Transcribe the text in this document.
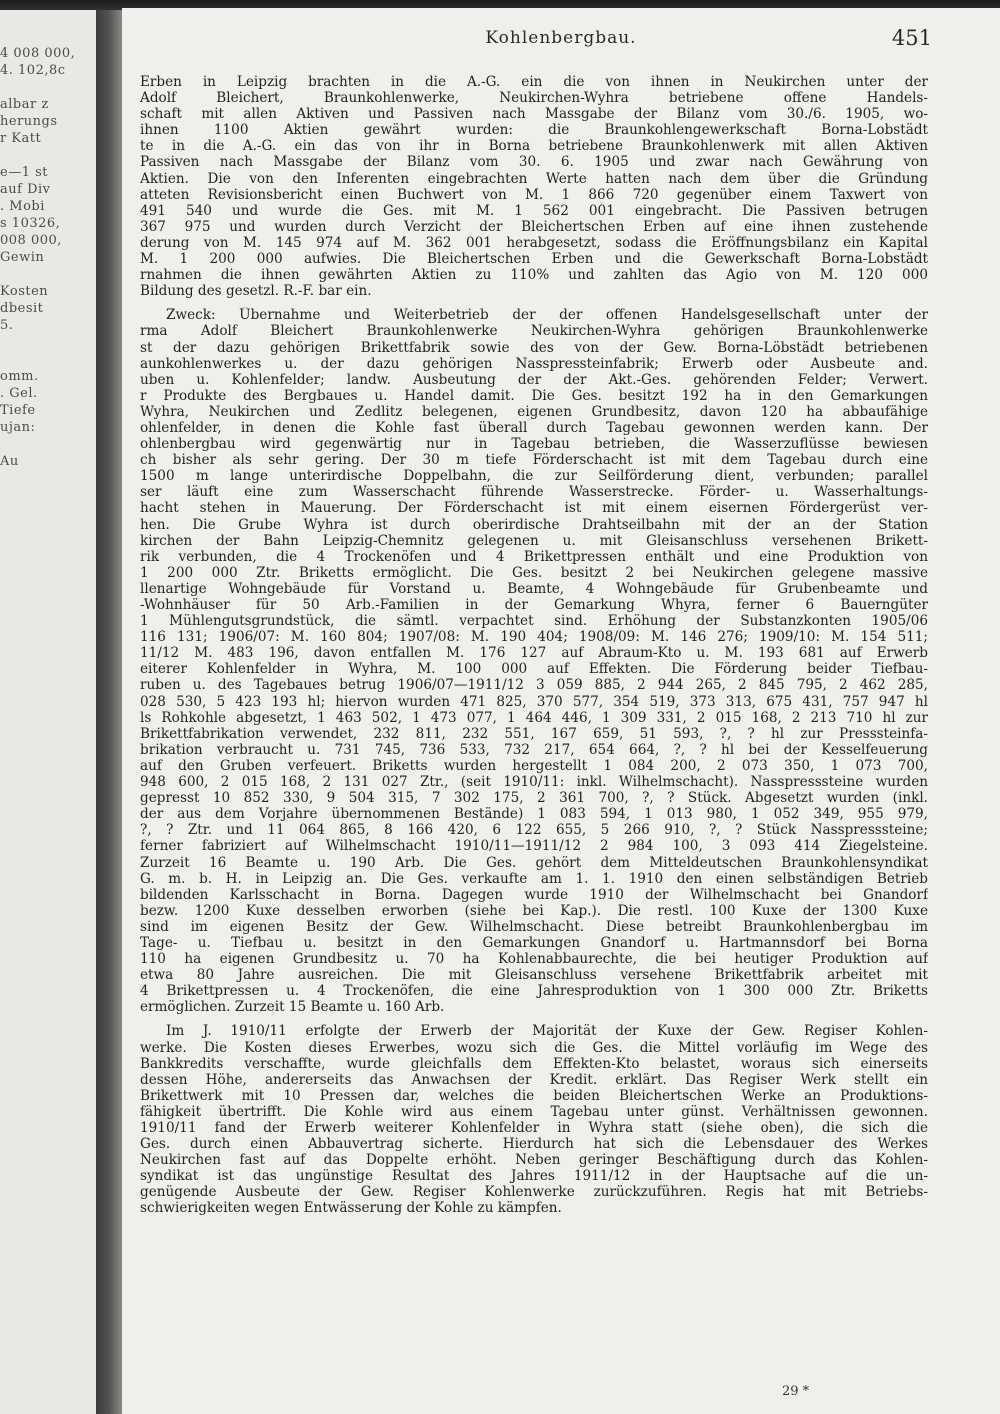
4 008 000,
4. 102,8c
albar z
herungs
r Katt
e—1 st
auf Div
. Mobi
s 10326,
008 000,
Gewin
Kosten
dbesit
5.
omm.
. Gel.
Tiefe
ujan:
Au
Kohlenbergbau.	451
Erben in Leipzig brachten in die A.-G. ein die von ihnen in Neukirchen unter der
Adolf Bleichert, Braunkohlenwerke, Neukirchen-Wyhra betriebene offene Handels-
schaft mit allen Aktiven und Passiven nach Massgabe der Bilanz vom 30./6. 1905, wo-
ihnen 1100 Aktien gewährt wurden: die Braunkohlengewerkschaft Borna-Lobstädt
te in die A.-G. ein das von ihr in Borna betriebene Braunkohlenwerk mit allen Aktiven
Passiven nach Massgabe der Bilanz vom 30. 6. 1905 und zwar nach Gewährung von
Aktien. Die von den Inferenten eingebrachten Werte hatten nach dem über die Gründung
atteten Revisionsbericht einen Buchwert von M. 1 866 720 gegenüber einem Taxwert von
491 540 und wurde die Ges. mit M. 1 562 001 eingebracht. Die Passiven betrugen
367 975 und wurden durch Verzicht der Bleichertschen Erben auf eine ihnen zustehende
derung von M. 145 974 auf M. 362 001 herabgesetzt, sodass die Eröffnungsbilanz ein Kapital
M. 1 200 000 aufwies. Die Bleichertschen Erben und die Gewerkschaft Borna-Lobstädt
rnahmen die ihnen gewährten Aktien zu 110% und zahlten das Agio von M. 120 000
Bildung des gesetzl. R.-F. bar ein.
Zweck: Übernahme und Weiterbetrieb der der offenen Handelsgesellschaft unter der
rma Adolf Bleichert Braunkohlenwerke Neukirchen-Wyhra gehörigen Braunkohlenwerke
st der dazu gehörigen Brikettfabrik sowie des von der Gew. Borna-Löbstädt betriebenen
aunkohlenwerkes u. der dazu gehörigen Nasspressteinfabrik; Erwerb oder Ausbeute and.
uben u. Kohlenfelder; landw. Ausbeutung der der Akt.-Ges. gehörenden Felder; Verwert.
r Produkte des Bergbaues u. Handel damit. Die Ges. besitzt 192 ha in den Gemarkungen
Wyhra, Neukirchen und Zedlitz belegenen, eigenen Grundbesitz, davon 120 ha abbaufähige
ohlenfelder, in denen die Kohle fast überall durch Tagebau gewonnen werden kann. Der
ohlenbergbau wird gegenwärtig nur in Tagebau betrieben, die Wasserzuflüsse bewiesen
ch bisher als sehr gering. Der 30 m tiefe Förderschacht ist mit dem Tagebau durch eine
1500 m lange unterirdische Doppelbahn, die zur Seilförderung dient, verbunden; parallel
ser läuft eine zum Wasserschacht führende Wasserstrecke. Förder- u. Wasserhaltungs-
hacht stehen in Mauerung. Der Förderschacht ist mit einem eisernen Fördergerüst ver-
hen. Die Grube Wyhra ist durch oberirdische Drahtseilbahn mit der an der Station
kirchen der Bahn Leipzig-Chemnitz gelegenen u. mit Gleisanschluss versehenen Brikett-
rik verbunden, die 4 Trockenöfen und 4 Brikettpressen enthält und eine Produktion von
1 200 000 Ztr. Briketts ermöglicht. Die Ges. besitzt 2 bei Neukirchen gelegene massive
llenartige Wohngebäude für Vorstand u. Beamte, 4 Wohngebäude für Grubenbeamte und
-Wohnhäuser für 50 Arb.-Familien in der Gemarkung Whyra, ferner 6 Bauerngüter
1 Mühlengutsgrundstück, die sämtl. verpachtet sind. Erhöhung der Substanzkonten 1905/06
116 131; 1906/07: M. 160 804; 1907/08: M. 190 404; 1908/09: M. 146 276; 1909/10: M. 154 511;
11/12 M. 483 196, davon entfallen M. 176 127 auf Abraum-Kto u. M. 193 681 auf Erwerb
eiterer Kohlenfelder in Wyhra, M. 100 000 auf Effekten. Die Förderung beider Tiefbau-
ruben u. des Tagebaues betrug 1906/07—1911/12 3 059 885, 2 944 265, 2 845 795, 2 462 285,
028 530, 5 423 193 hl; hiervon wurden 471 825, 370 577, 354 519, 373 313, 675 431, 757 947 hl
ls Rohkohle abgesetzt, 1 463 502, 1 473 077, 1 464 446, 1 309 331, 2 015 168, 2 213 710 hl zur
Brikettfabrikation verwendet, 232 811, 232 551, 167 659, 51 593, ?, ? hl zur Presssteinfa-
brikation verbraucht u. 731 745, 736 533, 732 217, 654 664, ?, ? hl bei der Kesselfeuerung
auf den Gruben verfeuert. Briketts wurden hergestellt 1 084 200, 2 073 350, 1 073 700,
948 600, 2 015 168, 2 131 027 Ztr., (seit 1910/11: inkl. Wilhelmschacht). Nasspresssteine wurden
gepresst 10 852 330, 9 504 315, 7 302 175, 2 361 700, ?, ? Stück. Abgesetzt wurden (inkl.
der aus dem Vorjahre übernommenen Bestände) 1 083 594, 1 013 980, 1 052 349, 955 979,
?, ? Ztr. und 11 064 865, 8 166 420, 6 122 655, 5 266 910, ?, ? Stück Nasspresssteine;
ferner fabriziert auf Wilhelmschacht 1910/11—1911/12 2 984 100, 3 093 414 Ziegelsteine.
Zurzeit 16 Beamte u. 190 Arb. Die Ges. gehört dem Mitteldeutschen Braunkohlensyndikat
G. m. b. H. in Leipzig an. Die Ges. verkaufte am 1. 1. 1910 den einen selbständigen Betrieb
bildenden Karlsschacht in Borna. Dagegen wurde 1910 der Wilhelmschacht bei Gnandorf
bezw. 1200 Kuxe desselben erworben (siehe bei Kap.). Die restl. 100 Kuxe der 1300 Kuxe
sind im eigenen Besitz der Gew. Wilhelmschacht. Diese betreibt Braunkohlenbergbau im
Tage- u. Tiefbau u. besitzt in den Gemarkungen Gnandorf u. Hartmannsdorf bei Borna
110 ha eigenen Grundbesitz u. 70 ha Kohlenabbaurechte, die bei heutiger Produktion auf
etwa 80 Jahre ausreichen. Die mit Gleisanschluss versehene Brikettfabrik arbeitet mit
4 Brikettpressen u. 4 Trockenöfen, die eine Jahresproduktion von 1 300 000 Ztr. Briketts
ermöglichen. Zurzeit 15 Beamte u. 160 Arb.
Im J. 1910/11 erfolgte der Erwerb der Majorität der Kuxe der Gew. Regiser Kohlen-
werke. Die Kosten dieses Erwerbes, wozu sich die Ges. die Mittel vorläufig im Wege des
Bankkredits verschaffte, wurde gleichfalls dem Effekten-Kto belastet, woraus sich einerseits
dessen Höhe, andererseits das Anwachsen der Kredit. erklärt. Das Regiser Werk stellt ein
Brikettwerk mit 10 Pressen dar, welches die beiden Bleichertschen Werke an Produktions-
fähigkeit übertrifft. Die Kohle wird aus einem Tagebau unter günst. Verhältnissen gewonnen.
1910/11 fand der Erwerb weiterer Kohlenfelder in Wyhra statt (siehe oben), die sich die
Ges. durch einen Abbauvertrag sicherte. Hierdurch hat sich die Lebensdauer des Werkes
Neukirchen fast auf das Doppelte erhöht. Neben geringer Beschäftigung durch das Kohlen-
syndikat ist das ungünstige Resultat des Jahres 1911/12 in der Hauptsache auf die un-
genügende Ausbeute der Gew. Regiser Kohlenwerke zurückzuführen. Regis hat mit Betriebs-
schwierigkeiten wegen Entwässerung der Kohle zu kämpfen.
29 *
